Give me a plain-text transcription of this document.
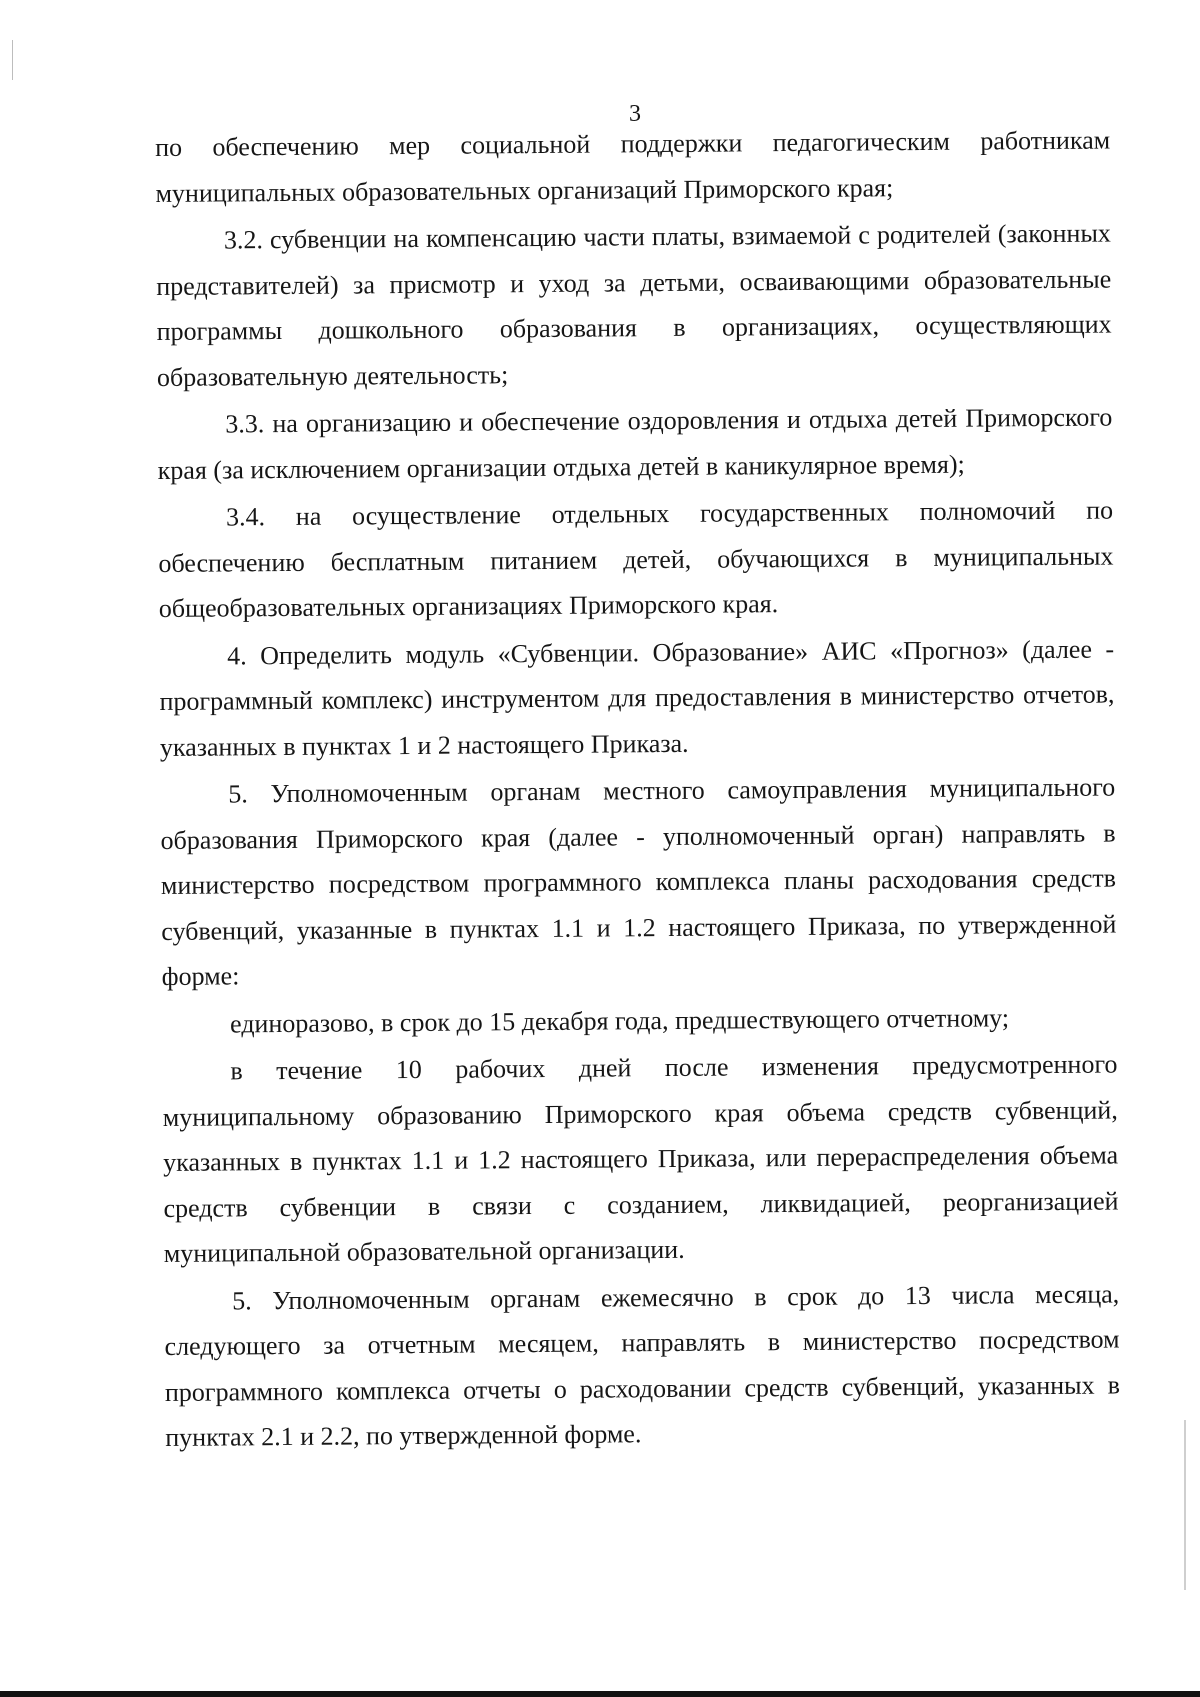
3

по обеспечению мер социальной поддержки педагогическим работникам муниципальных образовательных организаций Приморского края;

3.2. субвенции на компенсацию части платы, взимаемой с родителей (законных представителей) за присмотр и уход за детьми, осваивающими образовательные программы дошкольного образования в организациях, осуществляющих образовательную деятельность;

3.3. на организацию и обеспечение оздоровления и отдыха детей Приморского края (за исключением организации отдыха детей в каникулярное время);

3.4. на осуществление отдельных государственных полномочий по обеспечению бесплатным питанием детей, обучающихся в муниципальных общеобразовательных организациях Приморского края.

4. Определить модуль «Субвенции. Образование» АИС «Прогноз» (далее - программный комплекс) инструментом для предоставления в министерство отчетов, указанных в пунктах 1 и 2 настоящего Приказа.

5. Уполномоченным органам местного самоуправления муниципального образования Приморского края (далее - уполномоченный орган) направлять в министерство посредством программного комплекса планы расходования средств субвенций, указанные в пунктах 1.1 и 1.2 настоящего Приказа, по утвержденной форме:

единоразово, в срок до 15 декабря года, предшествующего отчетному;

в течение 10 рабочих дней после изменения предусмотренного муниципальному образованию Приморского края объема средств субвенций, указанных в пунктах 1.1 и 1.2 настоящего Приказа, или перераспределения объема средств субвенции в связи с созданием, ликвидацией, реорганизацией муниципальной образовательной организации.

5. Уполномоченным органам ежемесячно в срок до 13 числа месяца, следующего за отчетным месяцем, направлять в министерство посредством программного комплекса отчеты о расходовании средств субвенций, указанных в пунктах 2.1 и 2.2, по утвержденной форме.
